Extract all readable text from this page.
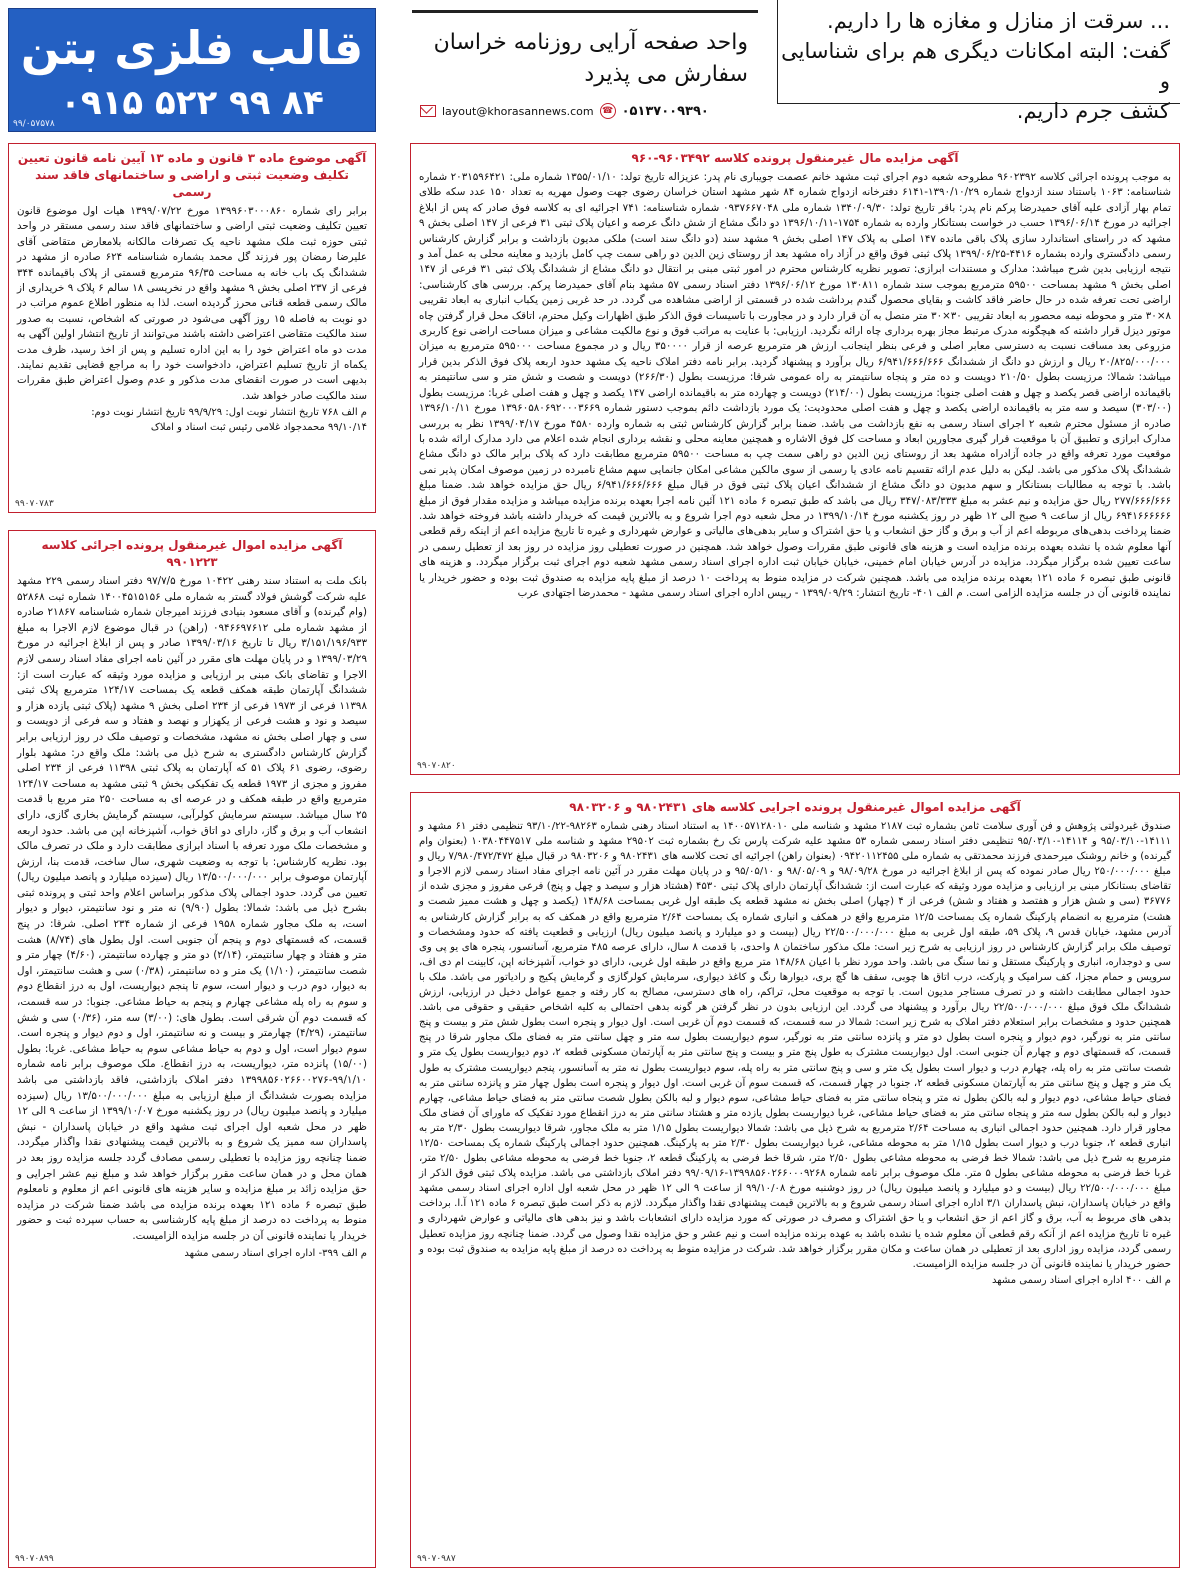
... سرقت از منازل و مغازه ها را داریم.

گفت: البته امکانات دیگری هم برای شناسایی و

کشف جرم داریم.

واحد صفحه آرایی روزنامه خراسان
سفارش می پذیرد
layout@khorasannews.com ☎ ۰۵۱۳۷۰۰۹۳۹۰
قالب فلزی بتن
۰۹۱۵ ۵۲۲ ۹۹ ۸۴
۹۹/۰۵۷۵۷۸
آگهی موضوع ماده ۳ قانون و ماده ۱۳ آیین نامه قانون تعیین تکلیف وضعیت ثبتی و اراضی و ساختمانهای فاقد سند رسمی

برابر رای شماره ۱۳۹۹۶۰۳۰۰۰۸۶۰ مورخ ۱۳۹۹/۰۷/۲۲ هیات اول موضوع قانون تعیین تکلیف وضعیت ثبتی اراضی و ساختمانهای فاقد سند رسمی مستقر در واحد ثبتی حوزه ثبت ملک مشهد ناحیه یک تصرفات مالکانه بلامعارض متقاضی آقای علیرضا رمضان پور فرزند گل محمد بشماره شناسنامه ۶۲۴ صادره از مشهد در ششدانگ یک باب خانه به مساحت ۹۶/۳۵ مترمربع قسمتی از پلاک باقیمانده ۳۴۴ فرعی از ۲۳۷ اصلی بخش ۹ مشهد واقع در نخریسی ۱۸ سالم ۶ پلاک ۹ خریداری از مالک رسمی قطعه قناتی محرز گردیده است. لذا به منظور اطلاع عموم مراتب در دو نوبت به فاصله ۱۵ روز آگهی می‌شود در صورتی که اشخاص، نسبت به صدور سند مالکیت متقاضی اعتراضی داشته باشند می‌توانند از تاریخ انتشار اولین آگهی به مدت دو ماه اعتراض خود را به این اداره تسلیم و پس از اخذ رسید، ظرف مدت یکماه از تاریخ تسلیم اعتراض، دادخواست خود را به مراجع قضایی تقدیم نمایند. بدیهی است در صورت انقضای مدت مذکور و عدم وصول اعتراض طبق مقررات سند مالکیت صادر خواهد شد.

م الف ۷۶۸ تاریخ انتشار نوبت اول: ۹۹/۹/۲۹ تاریخ انتشار نوبت دوم:
۹۹/۱۰/۱۴ محمدجواد غلامی رئیس ثبت اسناد و املاک
۹۹۰۷۰۷۸۳
آگهی مزایده اموال غیرمنقول پرونده اجرائی کلاسه ۹۹۰۱۲۲۳

بانک ملت به استناد سند رهنی ۱۰۴۲۲ مورخ ۹۷/۷/۵ دفتر اسناد رسمی ۲۲۹ مشهد علیه شرکت گوشش فولاد گستر به شماره ملی ۱۴۰۰۴۵۱۵۱۵۶ شماره ثبت ۵۲۸۶۸ (وام گیرنده) و آقای مسعود بنیادی فرزند امیرجان شماره شناسنامه ۲۱۸۶۷ صادره از مشهد شماره ملی ۰۹۴۶۶۹۷۶۱۲ (راهن) در قبال موضوع لازم الاجرا به مبلغ ۳/۱۵۱/۱۹۶/۹۳۳ ریال تا تاریخ ۱۳۹۹/۰۳/۱۶ صادر و پس از ابلاغ اجرائیه در مورخ ۱۳۹۹/۰۳/۲۹ و در پایان مهلت های مقرر در آئین نامه اجرای مفاد اسناد رسمی لازم الاجرا و تقاضای بانک مبنی بر ارزیابی و مزایده مورد وثیقه که عبارت است از: ششدانگ آپارتمان طبقه همکف قطعه یک بمساحت ۱۲۴/۱۷ مترمربع پلاک ثبتی ۱۱۳۹۸ فرعی از ۱۹۷۳ فرعی از ۲۳۴ اصلی بخش ۹ مشهد (پلاک ثبتی یازده هزار و سیصد و نود و هشت فرعی از یکهزار و نهصد و هفتاد و سه فرعی از دویست و سی و چهار اصلی بخش نه مشهد، مشخصات و توصیف ملک در روز ارزیابی برابر گزارش کارشناس دادگستری به شرح ذیل می باشد: ملک واقع در: مشهد بلوار رضوی، رضوی ۶۱ پلاک ۵۱ که آپارتمان به پلاک ثبتی ۱۱۳۹۸ فرعی از ۲۳۴ اصلی مفروز و مجزی از ۱۹۷۳ قطعه یک تفکیکی بخش ۹ ثبتی مشهد به مساحت ۱۲۴/۱۷ مترمربع واقع در طبقه همکف و در عرصه ای به مساحت ۲۵۰ متر مربع با قدمت ۲۵ سال میباشد. سیستم سرمایش کولرآبی، سیستم گرمایش بخاری گازی، دارای انشعاب آب و برق و گاز، دارای دو اتاق خواب، آشپزخانه اپن می باشد. حدود اربعه و مشخصات ملک مورد تعرفه با اسناد ابرازی مطابقت دارد و ملک در تصرف مالک بود. نظریه کارشناس: با توجه به وضعیت شهری، سال ساخت، قدمت بنا، ارزش آپارتمان موصوف برابر ۱۳/۵۰۰/۰۰۰/۰۰۰ ریال (سیزده میلیارد و پانصد میلیون ریال) تعیین می گردد. حدود اجمالی پلاک مذکور براساس اعلام واحد ثبتی و پرونده ثبتی بشرح ذیل می باشد: شمالا: بطول (۹/۹۰) نه متر و نود سانتیمتر، دیوار و دیوار است، به ملک مجاور شماره ۱۹۵۸ فرعی از شماره ۲۳۴ اصلی. شرقا: در پنج قسمت، که قسمتهای دوم و پنجم آن جنوبی است. اول بطول های (۸/۷۴) هشت متر و هفتاد و چهار سانتیمتر، (۲/۱۴) دو متر و چهارده سانتیمتر، (۴/۶۰) چهار متر و شصت سانتیمتر، (۱/۱۰) یک متر و ده سانتیمتر، (۰/۳۸) سی و هشت سانتیمتر، اول به دیوار، دوم درب و دیوار است، سوم تا پنجم دیواریست، اول به درز انقطاع دوم و سوم به راه پله مشاعی چهارم و پنجم به حیاط مشاعی. جنوبا: در سه قسمت، که قسمت دوم آن شرقی است. بطول های: (۳/۰۰) سه متر، (۰/۳۶) سی و شش سانتیمتر، (۴/۲۹) چهارمتر و بیست و نه سانتیمتر، اول و دوم دیوار و پنجره است. سوم دیوار است، اول و دوم به حیاط مشاعی سوم به حیاط مشاعی. غربا: بطول (۱۵/۰۰) پانزده متر، دیواریست، به درز انقطاع. ملک موصوف برابر نامه شماره ۹۹/۱/۱۰-۱۳۹۹۸۵۶۰۲۶۶۰۰۲۷۶ دفتر املاک بازداشتی، فاقد بازداشتی می باشد مزایده بصورت ششدانگ از مبلغ ارزیابی به مبلغ ۱۳/۵۰۰/۰۰۰/۰۰۰ ریال (سیزده میلیارد و پانصد میلیون ریال) در روز یکشنبه مورخ ۱۳۹۹/۱۰/۰۷ از ساعت ۹ الی ۱۲ ظهر در محل شعبه اول اجرای ثبت مشهد واقع در خیابان پاسداران - نبش پاسداران سه ممیز یک شروع و به بالاترین قیمت پیشنهادی نقدا واگذار میگردد. ضمنا چنانچه روز مزایده با تعطیلی رسمی مصادف گردد جلسه مزایده روز بعد در همان محل و در همان ساعت مقرر برگزار خواهد شد و مبلغ نیم عشر اجرایی و حق مزایده زائد بر مبلغ مزایده و سایر هزینه های قانونی اعم از معلوم و نامعلوم طبق تبصره ۶ ماده ۱۲۱ بعهده برنده مزایده می باشد ضمنا شرکت در مزایده منوط به پرداخت ده درصد از مبلغ پایه کارشناسی به حساب سپرده ثبت و حضور خریدار یا نماینده قانونی آن در جلسه مزایده الزامیست.

م الف ۳۹۹- اداره اجرای اسناد رسمی مشهد
۹۹۰۷۰۸۹۹
آگهی مزایده مال غیرمنقول پرونده کلاسه ۹۶۰۳۴۹۲-۹۶۰

به موجب پرونده اجرائی کلاسه ۹۶۰۲۳۹۲ مطروحه شعبه دوم اجرای ثبت مشهد خانم عصمت جویباری نام پدر: عزیزاله تاریخ تولد: ۱۳۵۵/۰۱/۱۰ شماره ملی: ۲۰۳۱۵۹۶۴۲۱ شماره شناسنامه: ۱۰۶۳ باستناد سند ازدواج شماره ۱۳۹۰/۱۰/۲۹-۶۱۴۱ دفترخانه ازدواج شماره ۸۴ شهر مشهد استان خراسان رضوی جهت وصول مهریه به تعداد ۱۵۰ عدد سکه طلای تمام بهار آزادی علیه آقای حمیدرضا پرکم نام پدر: باقر تاریخ تولد: ۱۳۴۰/۰۹/۳۰ شماره ملی ۰۹۳۷۶۶۷۰۴۸ شماره شناسنامه: ۷۴۱ اجرائیه ای به کلاسه فوق صادر که پس از ابلاغ اجرائیه در مورخ ۱۳۹۶/۰۶/۱۴ حسب در خواست بستانکار وارده به شماره ۱۷۵۴-۱۳۹۶/۱۰/۱۱ دو دانگ مشاع از شش دانگ عرصه و اعیان پلاک ثبتی ۳۱ فرعی از ۱۴۷ اصلی بخش ۹ مشهد که در راستای استاندارد سازی پلاک باقی مانده ۱۴۷ اصلی به پلاک ۱۴۷ اصلی بخش ۹ مشهد سند (دو دانگ سند است) ملکی مدیون بازداشت و برابر گزارش کارشناس رسمی دادگستری وارده بشماره ۴۴۱۶-۱۳۹۹/۰۶/۲۵ پلاک ثبتی فوق واقع در آزاد راه مشهد بعد از روستای زین الدین دو راهی سمت چپ کامل بازدید و معاینه محلی به عمل آمد و نتیجه ارزیابی بدین شرح میباشد: مدارک و مستندات ابرازی: تصویر نظریه کارشناس محترم در امور ثبتی مبنی بر انتقال دو دانگ مشاع از ششدانگ پلاک ثبتی ۳۱ فرعی از ۱۴۷ اصلی بخش ۹ مشهد بمساحت ۵۹۵۰۰ مترمربع بموجب سند شماره ۱۳۰۸۱۱ مورخ ۱۳۹۶/۰۶/۱۲ دفتر اسناد رسمی ۵۷ مشهد بنام آقای حمیدرضا پرکم. بررسی های کارشناسی: اراضی تحت تعرفه شده در حال حاضر فاقد کاشت و بقایای محصول گندم برداشت شده در قسمتی از اراضی مشاهده می گردد. در حد غربی زمین یکباب انباری به ابعاد تقریبی ۸×۳۰ متر و محوطه نیمه محصور به ابعاد تقریبی ۳۰×۳۰ متر متصل به آن قرار دارد و در مجاورت با تاسیسات فوق الذکر طبق اظهارات وکیل محترم، اتاقک محل قرار گرفتن چاه موتور دیزل قرار داشته که هیچگونه مدرک مرتبط مجاز بهره برداری چاه ارائه نگردید. ارزیابی: با عنایت به مراتب فوق و نوع مالکیت مشاعی و میزان مساحت اراضی نوع کاربری مزروعی بعد مسافت نسبت به دسترسی معابر اصلی و فرعی بنظر اینجانب ارزش هر مترمربع عرصه از قرار ۳۵۰۰۰۰ ریال و در مجموع مساحت ۵۹۵۰۰۰ مترمربع به میزان ۲۰/۸۲۵/۰۰۰/۰۰۰ ریال و ارزش دو دانگ از ششدانگ ۶/۹۴۱/۶۶۶/۶۶۶ ریال برآورد و پیشنهاد گردید. برابر نامه دفتر املاک ناحیه یک مشهد حدود اربعه پلاک فوق الذکر بدین قرار میباشد: شمالا: مرزیست بطول ۲۱۰/۵۰ دویست و ده متر و پنجاه سانتیمتر به راه عمومی شرقا: مرزیست بطول (۲۶۶/۳۰) دویست و شصت و شش متر و سی سانتیمتر به باقیمانده اراضی قصر یکصد و چهل و هفت اصلی جنوبا: مرزیست بطول (۲۱۴/۰۰) دویست و چهارده متر به باقیمانده اراضی ۱۴۷ یکصد و چهل و هفت اصلی غربا: مرزیست بطول (۳۰۳/۰۰) سیصد و سه متر به باقیمانده اراضی یکصد و چهل و هفت اصلی محدودیت: یک مورد بازداشت دائم بموجب دستور شماره ۱۳۹۶۰۵۸۰۶۹۲۰۰۰۳۶۶۹ مورخ ۱۳۹۶/۱۰/۱۱ صادره از مسئول محترم شعبه ۲ اجرای اسناد رسمی به نفع بازداشت می باشد. ضمنا برابر گزارش کارشناس ثبتی به شماره وارده ۴۵۸۰ مورخ ۱۳۹۹/۰۴/۱۷ نظر به بررسی مدارک ابرازی و تطبیق آن با موقعیت قرار گیری مجاورین ابعاد و مساحت کل فوق الاشاره و همچنین معاینه محلی و نقشه برداری انجام شده اعلام می دارد مدارک ارائه شده با موقعیت مورد تعرفه واقع در جاده آزادراه مشهد بعد از روستای زین الدین دو راهی سمت چپ به مساحت ۵۹۵۰۰ مترمربع مطابقت دارد که پلاک برابر مالک دو دانگ مشاع ششدانگ پلاک مذکور می باشد. لیکن به دلیل عدم ارائه تقسیم نامه عادی یا رسمی از سوی مالکین مشاعی امکان جانمایی سهم مشاع نامبرده در زمین موصوف امکان پذیر نمی باشد. با توجه به مطالبات بستانکار و سهم مدیون دو دانگ مشاع از ششدانگ اعیان پلاک ثبتی فوق در قبال مبلغ ۶/۹۴۱/۶۶۶/۶۶۶ ریال حق مزایده خواهد شد. ضمنا مبلغ ۲۷۷/۶۶۶/۶۶۶ ریال حق مزایده و نیم عشر به مبلغ ۳۴۷/۰۸۳/۳۳۳ ریال می باشد که طبق تبصره ۶ ماده ۱۲۱ آئین نامه اجرا بعهده برنده مزایده میباشد و مزایده مقدار فوق از مبلغ ۶۹۴۱۶۶۶۶۶۶ ریال از ساعت ۹ صبح الی ۱۲ ظهر در روز یکشنبه مورخ ۱۳۹۹/۱۰/۱۴ در محل شعبه دوم اجرا شروع و به بالاترین قیمت که خریدار داشته باشد فروخته خواهد شد. ضمنا پرداخت بدهی‌های مربوطه اعم از آب و برق و گاز حق انشعاب و یا حق اشتراک و سایر بدهی‌های مالیاتی و عوارض شهرداری و غیره تا تاریخ مزایده اعم از اینکه رقم قطعی آنها معلوم شده یا نشده بعهده برنده مزایده است و هزینه های قانونی طبق مقررات وصول خواهد شد. همچنین در صورت تعطیلی روز مزایده در روز بعد از تعطیل رسمی در ساعت تعیین شده برگزار میگردد. مزایده در آدرس خیابان امام خمینی، خیابان خیابان ثبت اداره اجرای اسناد رسمی مشهد شعبه دوم اجرای ثبت برگزار میگردد. و هزینه های قانونی طبق تبصره ۶ ماده ۱۲۱ بعهده برنده مزایده می باشد. همچنین شرکت در مزایده منوط به پرداخت ۱۰ درصد از مبلغ پایه مزایده به صندوق ثبت بوده و حضور خریدار یا نماینده قانونی آن در جلسه مزایده الزامی است. م الف ۴۰۱- تاریخ انتشار: ۱۳۹۹/۰۹/۲۹ - رییس اداره اجرای اسناد رسمی مشهد - محمدرضا اجتهادی عرب

۹۹۰۷۰۸۲۰
آگهی مزایده اموال غیرمنقول پرونده اجرایی کلاسه های ۹۸۰۲۴۳۱ و ۹۸۰۳۲۰۶

صندوق غیردولتی پژوهش و فن آوری سلامت ثامن بشماره ثبت ۲۱۸۷ مشهد و شناسه ملی ۱۴۰۰۵۷۱۲۸۰۱۰ به استناد اسناد رهنی شماره ۹۸۲۶۳-۹۳/۱۰/۲۲ تنظیمی دفتر ۶۱ مشهد و ۱۴۱۱۱-۹۵/۰۳/۱۰ و ۱۴۱۱۴-۹۵/۰۳/۱۰ تنظیمی دفتر اسناد رسمی شماره ۵۳ مشهد علیه شرکت پارس تک رخ بشماره ثبت ۲۹۵۰۲ مشهد و شناسه ملی ۱۰۳۸۰۴۴۷۵۱۷ (بعنوان وام گیرنده) و خانم روشنک میرحمدی فرزند محمدتقی به شماره ملی ۰۹۴۲۰۱۱۲۴۵۵ (بعنوان راهن) اجرائیه ای تحت کلاسه های ۹۸۰۲۴۳۱ و ۹۸۰۳۲۰۶ در قبال مبلغ ۷/۹۸۰/۴۷۲/۴۷۲ ریال و مبلغ ۲۵۰/۰۰۰/۰۰۰ ریال صادر نموده که پس از ابلاغ اجرائیه در مورخ ۹۸/۰۹/۲۸ و ۹۸/۰۵/۰۹ و ۹۵/۰۵/۱۰ و در پایان مهلت مقرر در آئین نامه اجرای مفاد اسناد رسمی لازم الاجرا و تقاضای بستانکار مبنی بر ارزیابی و مزایده مورد وثیقه که عبارت است از: ششدانگ آپارتمان دارای پلاک ثبتی ۴۵۳۰ (هشتاد هزار و سیصد و چهل و پنج) فرعی مفروز و مجزی شده از ۳۶۷۷۶ (سی و شش هزار و هفتصد و هفتاد و شش) فرعی از ۴ (چهار) اصلی بخش نه مشهد قطعه یک طبقه اول غربی بمساحت ۱۴۸/۶۸ (یکصد و چهل و هشت ممیز شصت و هشت) مترمربع به انضمام پارکینگ شماره یک بمساحت ۱۲/۵ مترمربع واقع در همکف و انباری شماره یک بمساحت ۲/۶۴ مترمربع واقع در همکف که به برابر گزارش کارشناس به آدرس مشهد، خیابان قدس ۹، پلاک ۵۹، طبقه اول غربی به مبلغ ۲۲/۵۰۰/۰۰۰/۰۰۰ ریال (بیست و دو میلیارد و پانصد میلیون ریال) ارزیابی و قطعیت یافته که حدود ومشخصات و توصیف ملک برابر گزارش کارشناس در روز ارزیابی به شرح زیر است: ملک مذکور ساختمان ۸ واحدی، با قدمت ۸ سال، دارای عرصه ۴۸۵ مترمربع، آسانسور، پنجره های یو پی وی سی و دوجداره، انباری و پارکینگ مستقل و نما سنگ می باشد. واحد مورد نظر با اعیان ۱۴۸/۶۸ متر مربع واقع در طبقه اول غربی، دارای دو خواب، آشپزخانه اپن، کابینت ام دی اف، سرویس و حمام مجزا، کف سرامیک و پارکت، درب اتاق ها چوبی، سقف ها گچ بری، دیوارها رنگ و کاغذ دیواری، سرمایش کولرگازی و گرمایش پکیج و رادیاتور می باشد. ملک با حدود اجمالی مطابقت داشته و در تصرف مستاجر مدیون است. با توجه به موقعیت محل، تراکم، راه های دسترسی، مصالح به کار رفته و جمیع عوامل دخیل در ارزیابی، ارزش ششدانگ ملک فوق مبلغ ۲۲/۵۰۰/۰۰۰/۰۰۰ ریال برآورد و پیشنهاد می گردد. این ارزیابی بدون در نظر گرفتن هر گونه بدهی احتمالی به کلیه اشخاص حقیقی و حقوقی می باشد. همچنین حدود و مشخصات برابر استعلام دفتر املاک به شرح زیر است: شمالا در سه قسمت، که قسمت دوم آن غربی است. اول دیوار و پنجره است بطول شش متر و بیست و پنج سانتی متر به نورگیر، دوم دیوار و پنجره است بطول دو متر و پانزده سانتی متر به نورگیر، سوم دیواریست بطول سه متر و چهل سانتی متر به فضای ملک مجاور شرقا در پنج قسمت، که قسمتهای دوم و چهارم آن جنوبی است. اول دیواریست مشترک به طول پنج متر و بیست و پنج سانتی متر به آپارتمان مسکونی قطعه ۲، دوم دیواریست بطول یک متر و شصت سانتی متر به راه پله، چهارم درب و دیوار است بطول یک متر و سی و پنج سانتی متر به راه پله، سوم دیواریست بطول نه متر به آسانسور، پنجم دیواریست مشترک به طول یک متر و چهل و پنج سانتی متر به آپارتمان مسکونی قطعه ۲، جنوبا در چهار قسمت، که قسمت سوم آن غربی است. اول دیوار و پنجره است بطول چهار متر و پانزده سانتی متر به فضای حیاط مشاعی، دوم دیوار و لبه بالکن بطول نه متر و پنجاه سانتی متر به فضای حیاط مشاعی، سوم دیوار و لبه بالکن بطول شصت سانتی متر به فضای حیاط مشاعی، چهارم دیوار و لبه بالکن بطول سه متر و پنجاه سانتی متر به فضای حیاط مشاعی، غربا دیواریست بطول یازده متر و هشتاد سانتی متر به درز انقطاع مورد تفکیک که ماورای آن فضای ملک مجاور قرار دارد. همچنین حدود اجمالی انباری به مساحت ۲/۶۴ مترمربع به شرح ذیل می باشد: شمالا دیواریست بطول ۱/۱۵ متر به ملک مجاور، شرقا دیواریست بطول ۲/۳۰ متر به انباری قطعه ۲، جنوبا درب و دیوار است بطول ۱/۱۵ متر به محوطه مشاعی، غربا دیواریست بطول ۲/۳۰ متر به پارکینگ. همچنین حدود اجمالی پارکینگ شماره یک بمساحت ۱۲/۵۰ مترمربع به شرح ذیل می باشد: شمالا خط فرضی به محوطه مشاعی بطول ۲/۵۰ متر، شرقا خط فرضی به پارکینگ قطعه ۲، جنوبا خط فرضی به محوطه مشاعی بطول ۲/۵۰ متر، غربا خط فرضی به محوطه مشاعی بطول ۵ متر. ملک موصوف برابر نامه شماره ۱۳۹۹۸۵۶۰۲۶۶۰۰۰۹۲۶۸-۹۹/۰۹/۱۶ دفتر املاک بازداشتی می باشد. مزایده پلاک ثبتی فوق الذکر از مبلغ ۲۲/۵۰۰/۰۰۰/۰۰۰ ریال (بیست و دو میلیارد و پانصد میلیون ریال) در روز دوشنبه مورخ ۹۹/۱۰/۰۸ از ساعت ۹ الی ۱۲ ظهر در محل شعبه اول اداره اجرای اسناد رسمی مشهد واقع در خیابان پاسداران، نبش پاسداران ۳/۱ اداره اجرای اسناد رسمی شروع و به بالاترین قیمت پیشنهادی نقدا واگذار میگردد. لازم به ذکر است طبق تبصره ۶ ماده ۱۲۱ آ.ا. برداخت بدهی های مربوط به آب، برق و گاز اعم از حق انشعاب و یا حق اشتراک و مصرف در صورتی که مورد مزایده دارای انشعابات باشد و نیز بدهی های مالیاتی و عوارض شهرداری و غیره تا تاریخ مزایده اعم از آنکه رقم قطعی آن معلوم شده یا نشده باشد به عهده برنده مزایده است و نیم عشر و حق مزایده نقدا وصول می گردد. ضمنا چنانچه روز مزایده تعطیل رسمی گردد، مزایده روز اداری بعد از تعطیلی در همان ساعت و مکان مقرر برگزار خواهد شد. شرکت در مزایده منوط به پرداخت ده درصد از مبلغ پایه مزایده به صندوق ثبت بوده و حضور خریدار یا نماینده قانونی آن در جلسه مزایده الزامیست.

م الف ۴۰۰ اداره اجرای اسناد رسمی مشهد
۹۹۰۷۰۹۸۷
